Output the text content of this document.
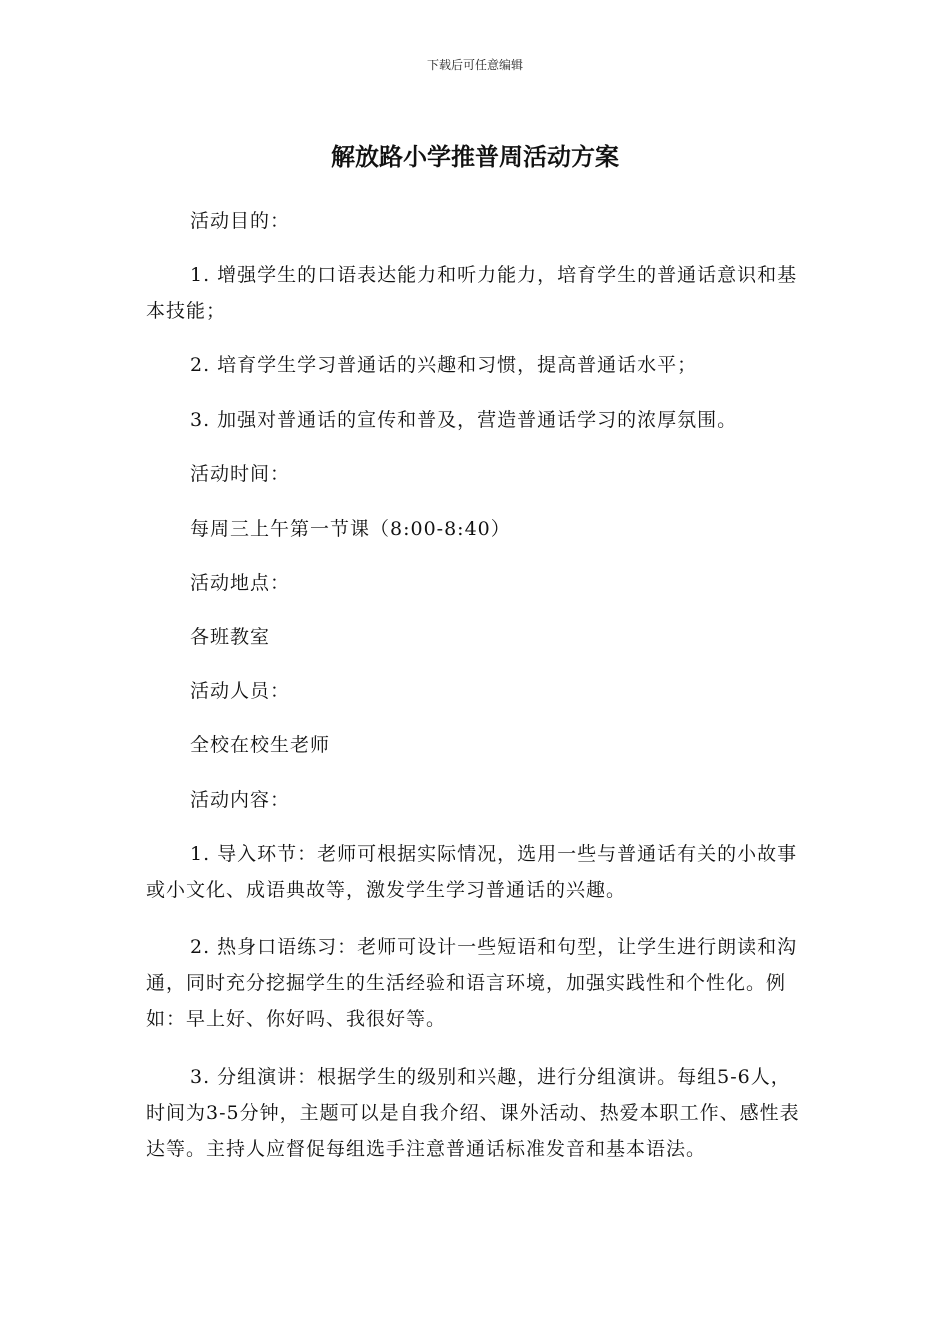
下载后可任意编辑
解放路小学推普周活动方案

活动目的：

1. 增强学生的口语表达能力和听力能力，培育学生的普通话意识和基本技能；

2. 培育学生学习普通话的兴趣和习惯，提高普通话水平；

3. 加强对普通话的宣传和普及，营造普通话学习的浓厚氛围。

活动时间：

每周三上午第一节课（8:00-8:40）

活动地点：

各班教室

活动人员：

全校在校生老师

活动内容：

1. 导入环节：老师可根据实际情况，选用一些与普通话有关的小故事或小文化、成语典故等，激发学生学习普通话的兴趣。

2. 热身口语练习：老师可设计一些短语和句型，让学生进行朗读和沟通，同时充分挖掘学生的生活经验和语言环境，加强实践性和个性化。例如：早上好、你好吗、我很好等。

3. 分组演讲：根据学生的级别和兴趣，进行分组演讲。每组5-6人，时间为3-5分钟，主题可以是自我介绍、课外活动、热爱本职工作、感性表达等。主持人应督促每组选手注意普通话标准发音和基本语法。
